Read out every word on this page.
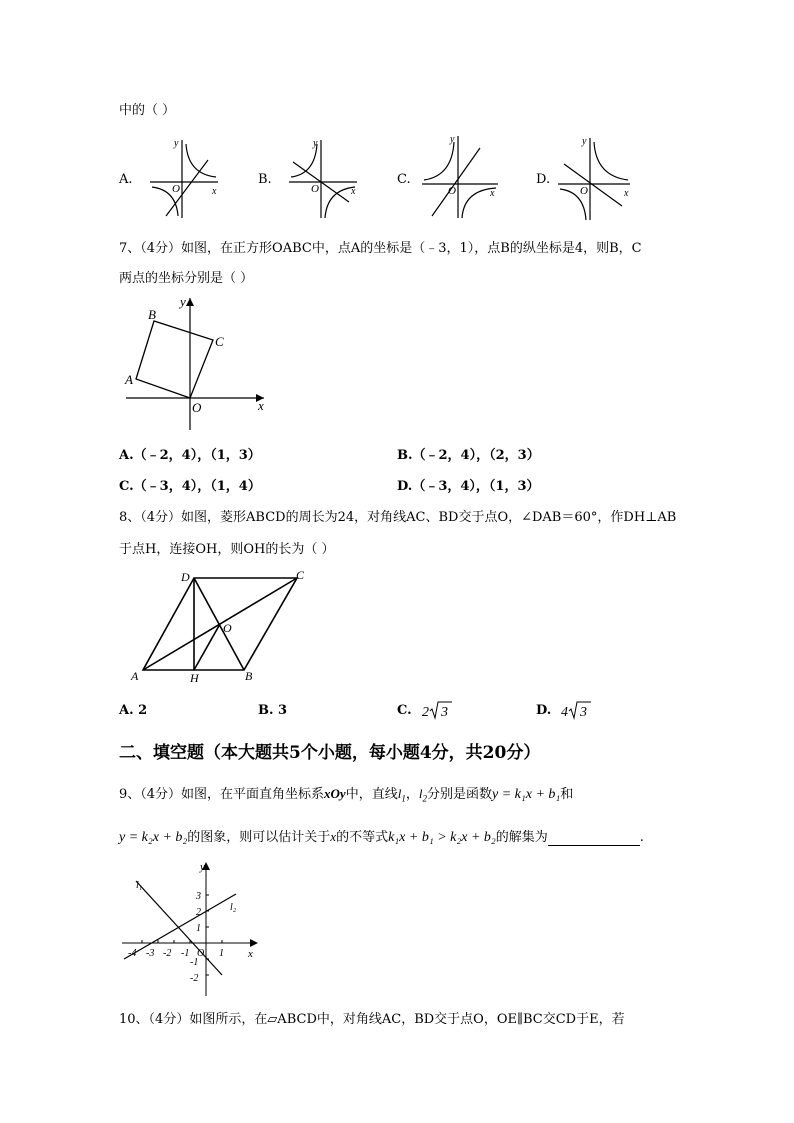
中的（ ）
A.	B.	C.	D.
O	x
y
O	x
y
O	x
y
O	x
y
7、（4分）如图，在正方形OABC中，点A的坐标是（﹣3，1），点B的纵坐标是4，则B，C
两点的坐标分别是（ ）
A
B
C
O	x
y
A.（﹣2，4），（1，3）	B.（﹣2，4），（2，3）
C.（﹣3，4），（1，4）	D.（﹣3，4），（1，3）
8、（4分）如图，菱形ABCD的周长为24，对角线AC、BD交于点O，∠DAB＝60°，作DH⊥AB
于点H，连接OH，则OH的长为（ ）
A	B
C
D
H
O
A. 2	B. 3	C. 2 3	D. 4 3
二、填空题（本大题共5个小题，每小题4分，共20分）
9、（4分）如图，在平面直角坐标系xOy中，直线$l_1$，$l_2$分别是函数y = k₁x + b₁和
y = k₂x + b₂的图象，则可以估计关于x的不等式k₁x + b₁ > k₂x + b₂的解集为	.
-4 -3 -2 -1	1
3
2
1
-1
-2
O	x
y
l₁
l₂
10、（4分）如图所示，在▱ABCD中，对角线AC，BD交于点O，OE∥BC交CD于E，若
